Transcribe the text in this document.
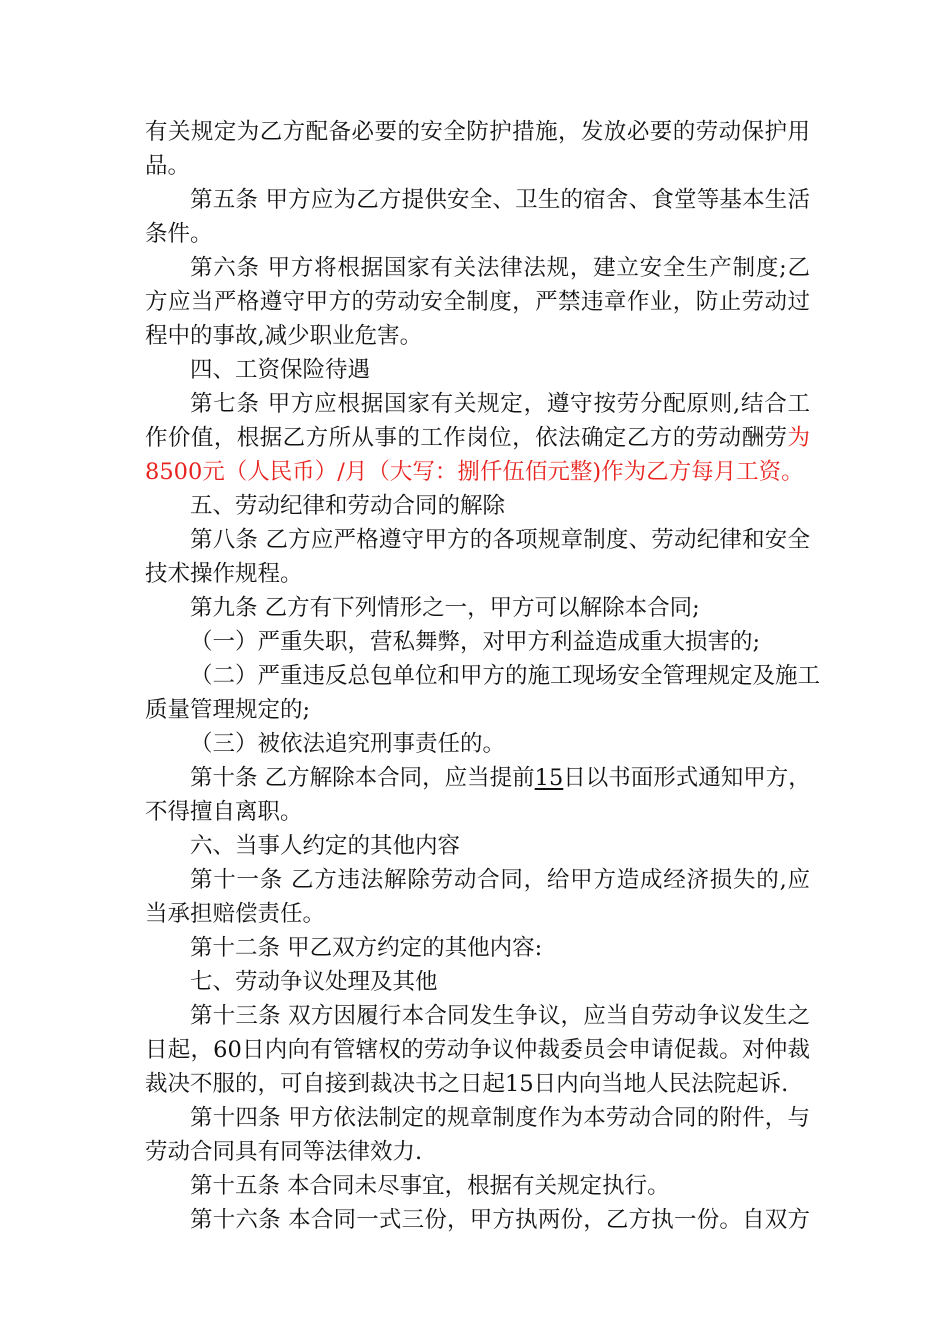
有关规定为乙方配备必要的安全防护措施，发放必要的劳动保护用
品。
第五条 甲方应为乙方提供安全、卫生的宿舍、食堂等基本生活
条件。
第六条 甲方将根据国家有关法律法规，建立安全生产制度;乙
方应当严格遵守甲方的劳动安全制度，严禁违章作业，防止劳动过
程中的事故,减少职业危害。
四、工资保险待遇
第七条 甲方应根据国家有关规定，遵守按劳分配原则,结合工
作价值，根据乙方所从事的工作岗位，依法确定乙方的劳动酬劳为
8500元（人民币）/月（大写：捌仟伍佰元整)作为乙方每月工资。
五、劳动纪律和劳动合同的解除
第八条 乙方应严格遵守甲方的各项规章制度、劳动纪律和安全
技术操作规程。
第九条 乙方有下列情形之一，甲方可以解除本合同;
（一）严重失职，营私舞弊，对甲方利益造成重大损害的;
（二）严重违反总包单位和甲方的施工现场安全管理规定及施工
质量管理规定的;
（三）被依法追究刑事责任的。
第十条 乙方解除本合同，应当提前15日以书面形式通知甲方，
不得擅自离职。
六、当事人约定的其他内容
第十一条 乙方违法解除劳动合同，给甲方造成经济损失的,应
当承担赔偿责任。
第十二条 甲乙双方约定的其他内容:
七、劳动争议处理及其他
第十三条 双方因履行本合同发生争议，应当自劳动争议发生之
日起，60日内向有管辖权的劳动争议仲裁委员会申请促裁。对仲裁
裁决不服的，可自接到裁决书之日起15日内向当地人民法院起诉.
第十四条 甲方依法制定的规章制度作为本劳动合同的附件，与
劳动合同具有同等法律效力.
第十五条 本合同未尽事宜，根据有关规定执行。
第十六条 本合同一式三份，甲方执两份，乙方执一份。自双方
